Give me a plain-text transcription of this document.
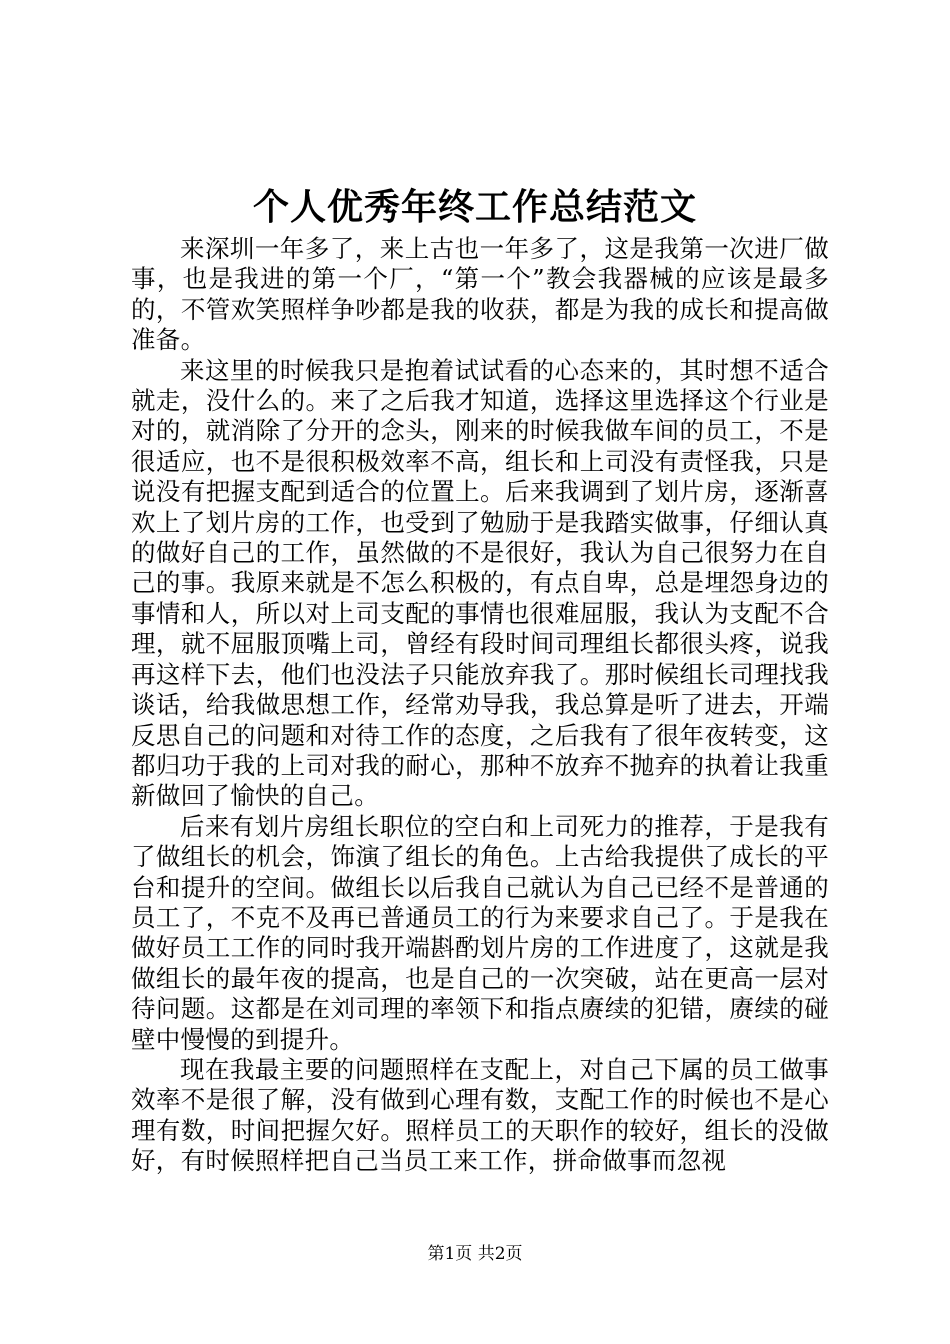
个人优秀年终工作总结范文

来深圳一年多了，来上古也一年多了，这是我第一次进厂做事，也是我进的第一个厂，“第一个”教会我器械的应该是最多的，不管欢笑照样争吵都是我的收获，都是为我的成长和提高做准备。

来这里的时候我只是抱着试试看的心态来的，其时想不适合就走，没什么的。来了之后我才知道，选择这里选择这个行业是对的，就消除了分开的念头，刚来的时候我做车间的员工，不是很适应，也不是很积极效率不高，组长和上司没有责怪我，只是说没有把握支配到适合的位置上。后来我调到了划片房，逐渐喜欢上了划片房的工作，也受到了勉励于是我踏实做事，仔细认真的做好自己的工作，虽然做的不是很好，我认为自己很努力在自己的事。我原来就是不怎么积极的，有点自卑，总是埋怨身边的事情和人，所以对上司支配的事情也很难屈服，我认为支配不合理，就不屈服顶嘴上司，曾经有段时间司理组长都很头疼，说我再这样下去，他们也没法子只能放弃我了。那时候组长司理找我谈话，给我做思想工作，经常劝导我，我总算是听了进去，开端反思自己的问题和对待工作的态度，之后我有了很年夜转变，这都归功于我的上司对我的耐心，那种不放弃不抛弃的执着让我重新做回了愉快的自己。

后来有划片房组长职位的空白和上司死力的推荐，于是我有了做组长的机会，饰演了组长的角色。上古给我提供了成长的平台和提升的空间。做组长以后我自己就认为自己已经不是普通的员工了，不克不及再已普通员工的行为来要求自己了。于是我在做好员工工作的同时我开端斟酌划片房的工作进度了，这就是我做组长的最年夜的提高，也是自己的一次突破，站在更高一层对待问题。这都是在刘司理的率领下和指点赓续的犯错，赓续的碰壁中慢慢的到提升。

现在我最主要的问题照样在支配上，对自己下属的员工做事效率不是很了解，没有做到心理有数，支配工作的时候也不是心理有数，时间把握欠好。照样员工的天职作的较好，组长的没做好，有时候照样把自己当员工来工作，拼命做事而忽视

第1页 共2页
